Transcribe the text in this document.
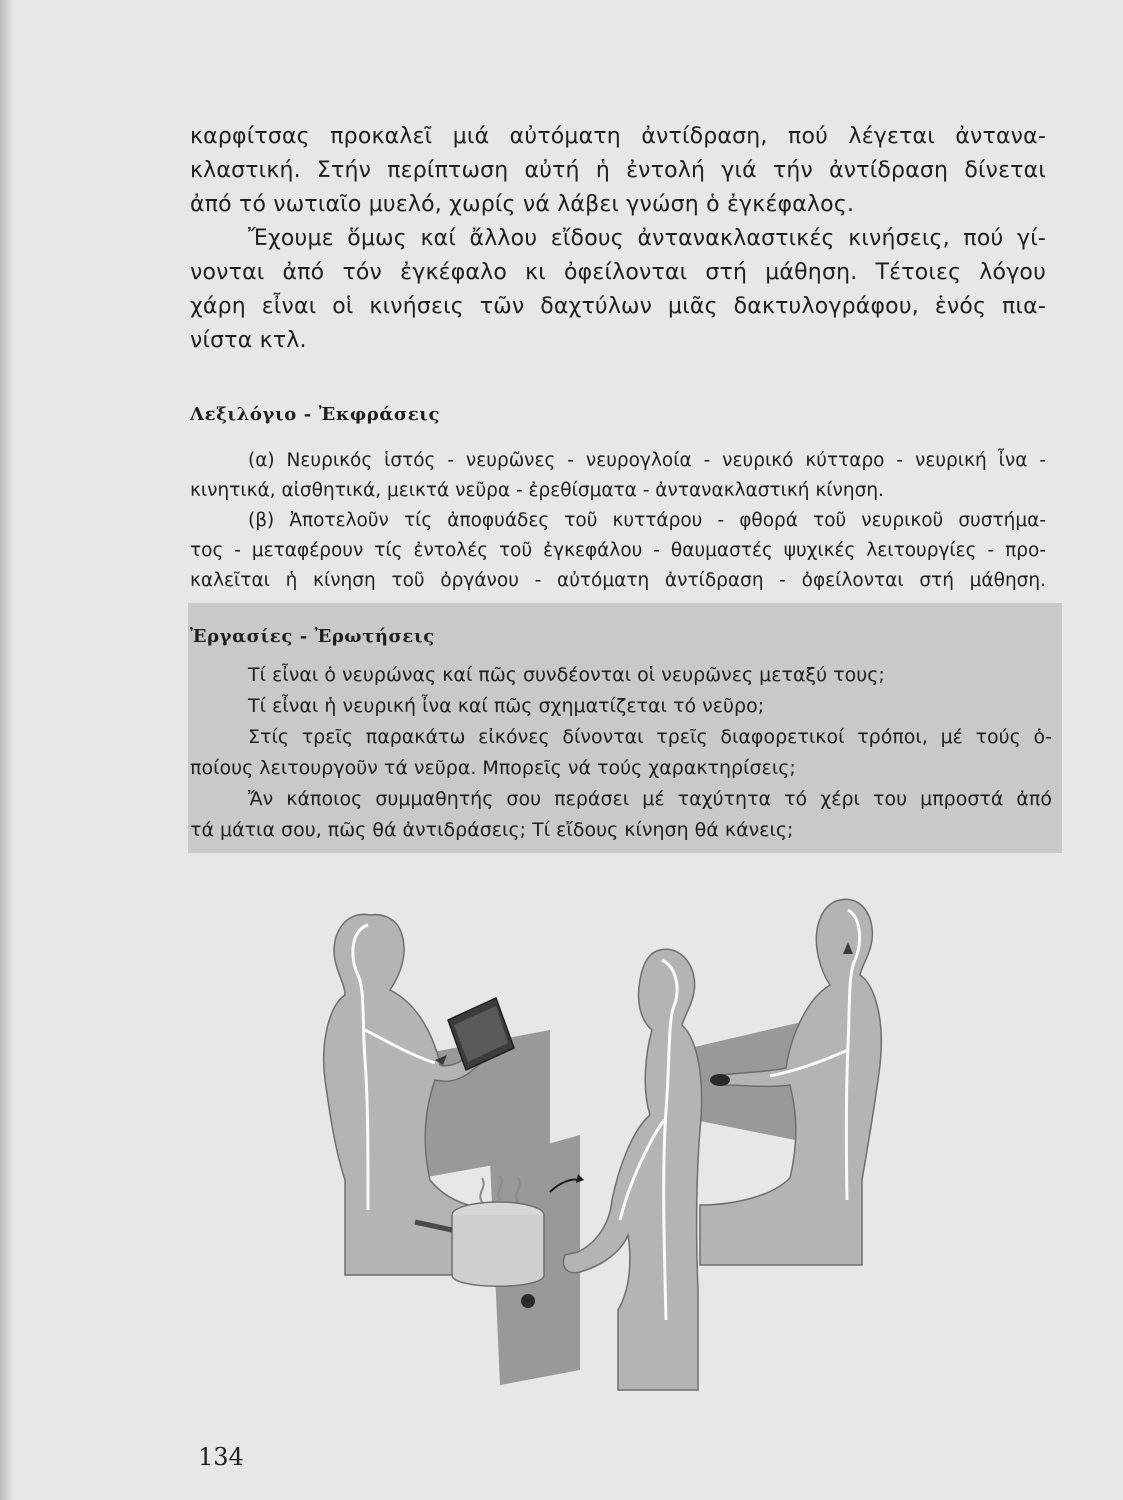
καρφίτσας προκαλεῖ μιά αὐτόματη ἀντίδραση, πού λέγεται ἀντανα-
κλαστική. Στήν περίπτωση αὐτή ἡ ἐντολή γιά τήν ἀντίδραση δίνεται
ἀπό τό νωτιαῖο μυελό, χωρίς νά λάβει γνώση ὁ ἐγκέφαλος.
Ἔχουμε ὅμως καί ἄλλου εἴδους ἀντανακλαστικές κινήσεις, πού γί-
νονται ἀπό τόν ἐγκέφαλο κι ὀφείλονται στή μάθηση. Τέτοιες λόγου
χάρη εἶναι οἱ κινήσεις τῶν δαχτύλων μιᾶς δακτυλογράφου, ἑνός πια-
νίστα κτλ.
Λεξιλόγιο - Ἐκφράσεις
(α) Νευρικός ἱστός - νευρῶνες - νευρογλοία - νευρικό κύτταρο - νευρική ἶνα -
κινητικά, αἰσθητικά, μεικτά νεῦρα - ἐρεθίσματα - ἀντανακλαστική κίνηση.
(β) Ἀποτελοῦν τίς ἀποφυάδες τοῦ κυττάρου - φθορά τοῦ νευρικοῦ συστήμα-
τος - μεταφέρουν τίς ἐντολές τοῦ ἐγκεφάλου - θαυμαστές ψυχικές λειτουργίες - προ-
καλεῖται ἡ κίνηση τοῦ ὀργάνου - αὐτόματη ἀντίδραση - ὀφείλονται στή μάθηση.
Ἐργασίες - Ἐρωτήσεις
Τί εἶναι ὁ νευρώνας καί πῶς συνδέονται οἱ νευρῶνες μεταξύ τους;
Τί εἶναι ἡ νευρική ἶνα καί πῶς σχηματίζεται τό νεῦρο;
Στίς τρεῖς παρακάτω εἰκόνες δίνονται τρεῖς διαφορετικοί τρόποι, μέ τούς ὁ-
ποίους λειτουργοῦν τά νεῦρα. Μπορεῖς νά τούς χαρακτηρίσεις;
Ἄν κάποιος συμμαθητής σου περάσει μέ ταχύτητα τό χέρι του μπροστά ἀπό
τά μάτια σου, πῶς θά ἀντιδράσεις; Τί εἴδους κίνηση θά κάνεις;
134
